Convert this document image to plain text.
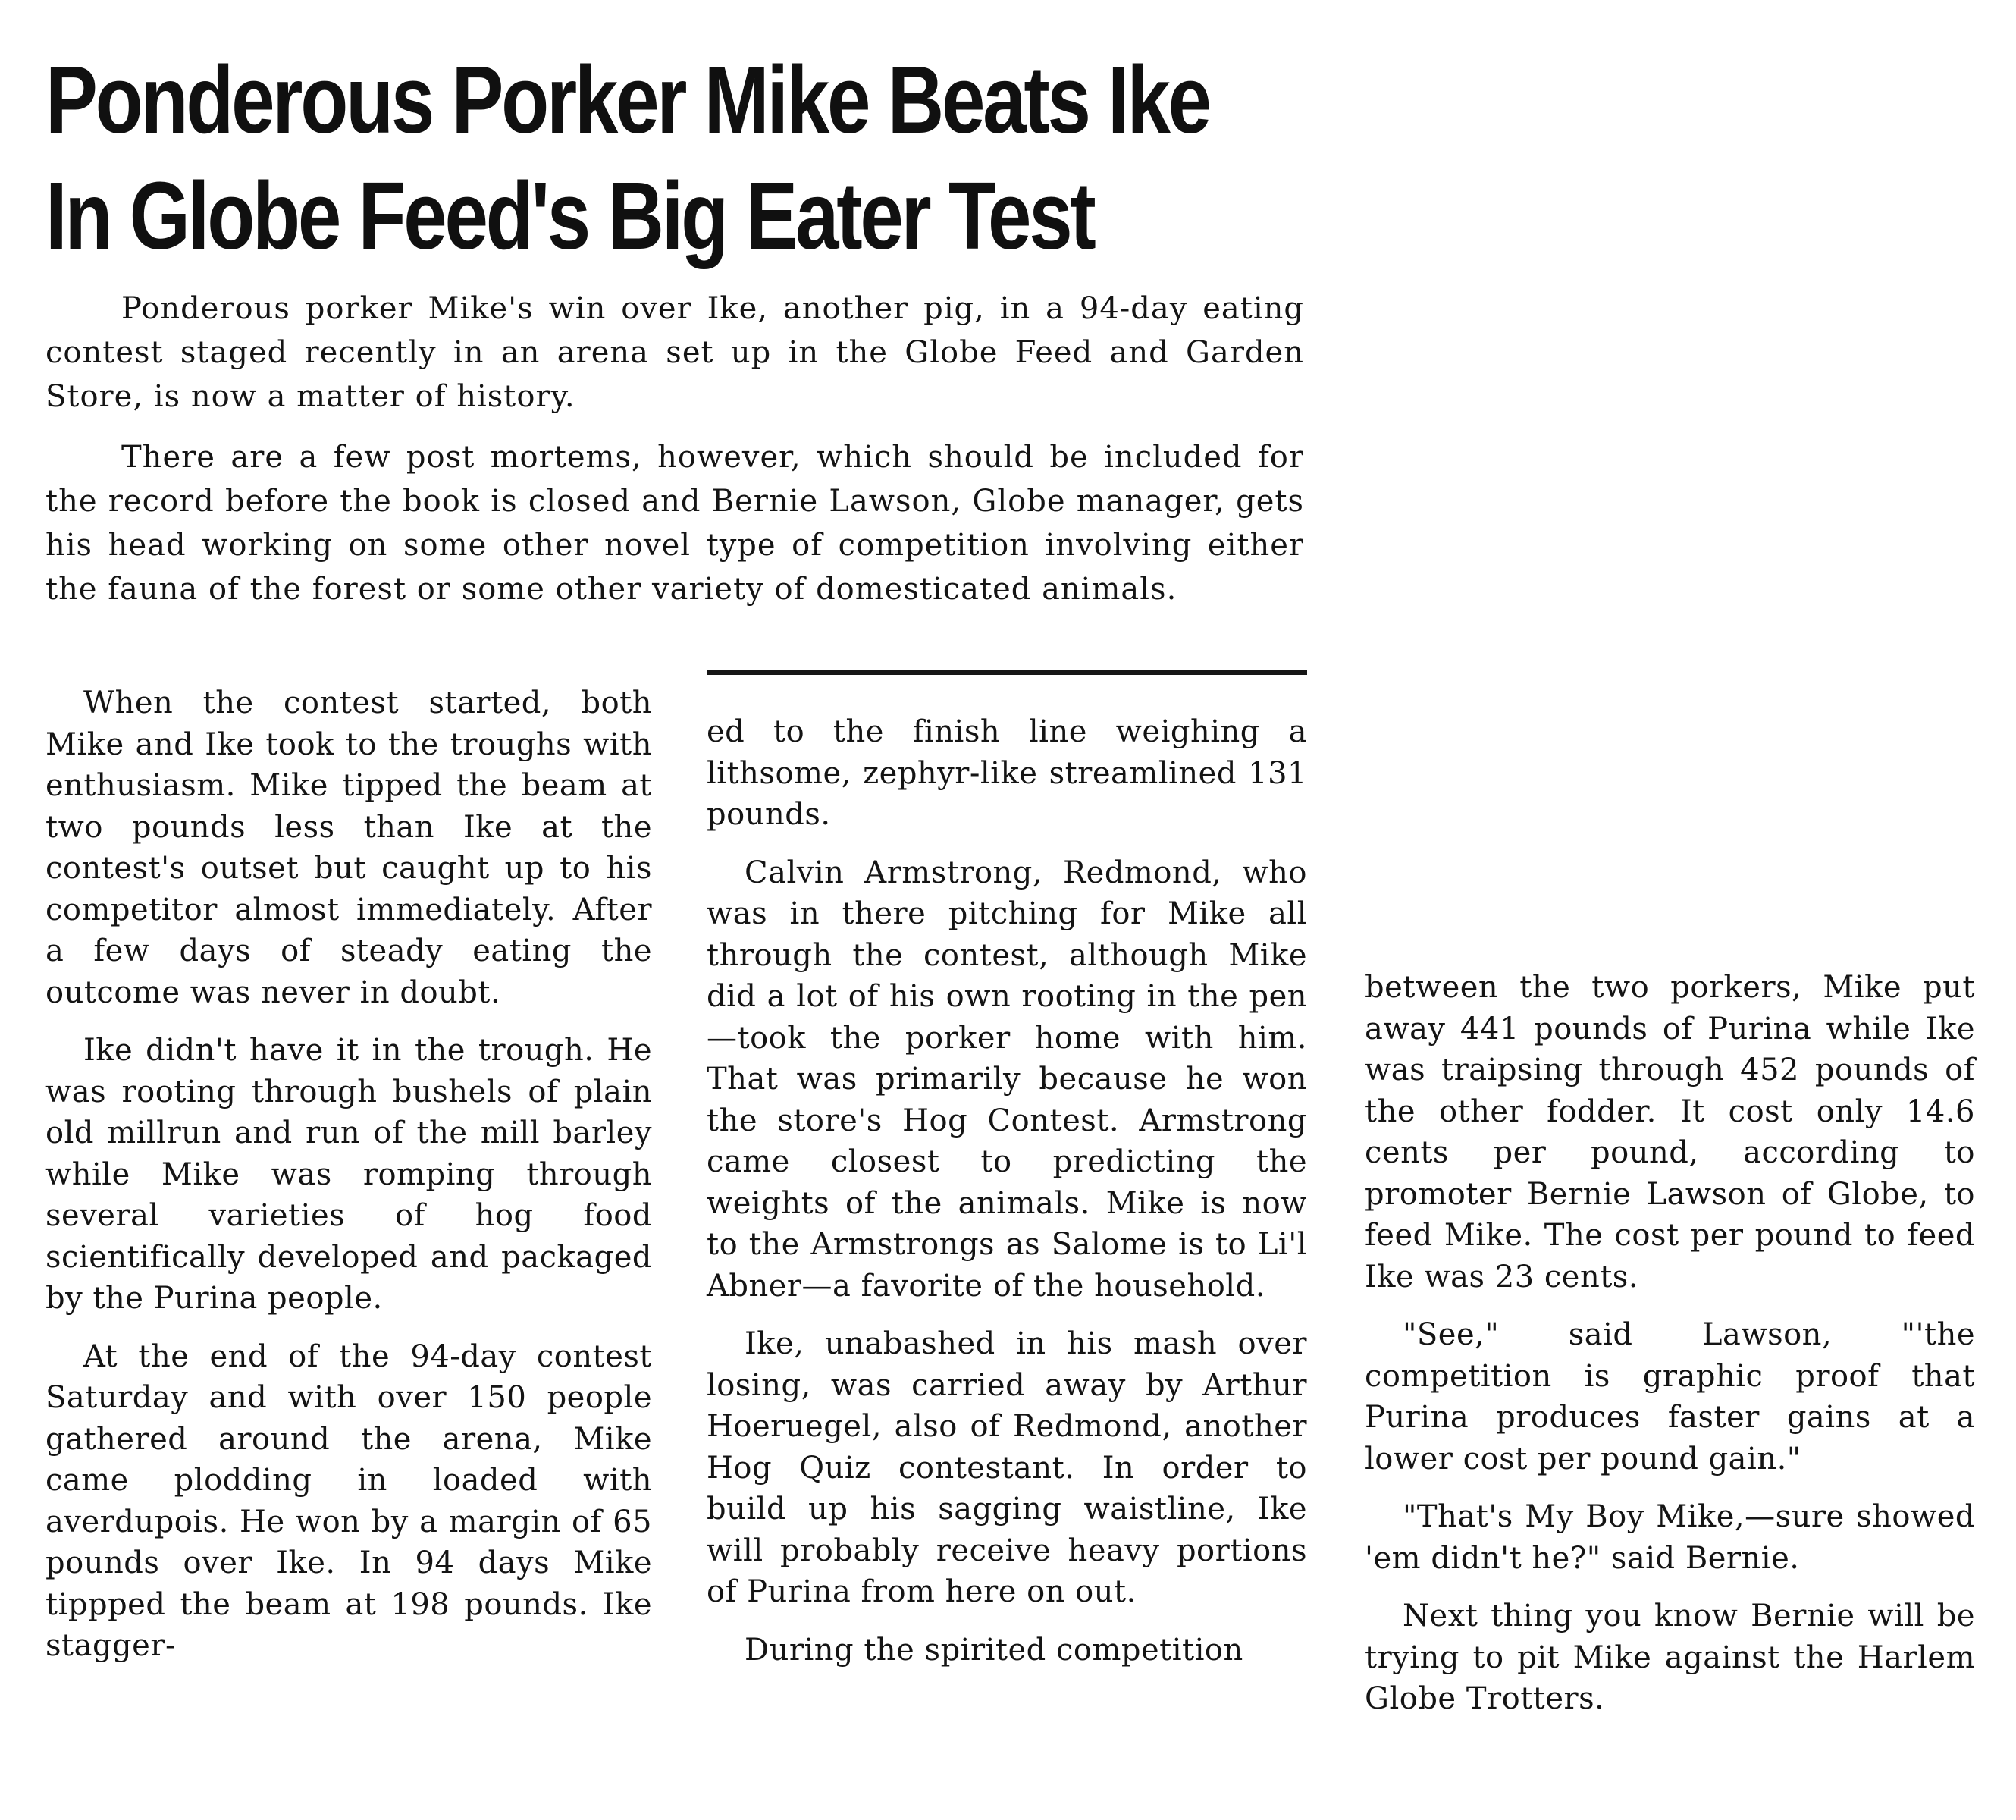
Ponderous Porker Mike Beats Ike
In Globe Feed's Big Eater Test

Ponderous porker Mike's win over Ike, another pig, in a 94-day eating contest staged recently in an arena set up in the Globe Feed and Garden Store, is now a matter of history.

There are a few post mortems, however, which should be included for the record before the book is closed and Bernie Lawson, Globe manager, gets his head working on some other novel type of competition involving either the fauna of the forest or some other variety of domesticated animals.

When the contest started, both Mike and Ike took to the troughs with enthusiasm. Mike tipped the beam at two pounds less than Ike at the contest's outset but caught up to his competitor almost immediately. After a few days of steady eating the outcome was never in doubt.

Ike didn't have it in the trough. He was rooting through bushels of plain old millrun and run of the mill barley while Mike was romping through several varieties of hog food scientifically developed and packaged by the Purina people.

At the end of the 94-day contest Saturday and with over 150 people gathered around the arena, Mike came plodding in loaded with averdupois. He won by a margin of 65 pounds over Ike. In 94 days Mike tippped the beam at 198 pounds. Ike stagger-

ed to the finish line weighing a lithsome, zephyr-like streamlined 131 pounds.

Calvin Armstrong, Redmond, who was in there pitching for Mike all through the contest, although Mike did a lot of his own rooting in the pen—took the porker home with him. That was primarily because he won the store's Hog Contest. Armstrong came closest to predicting the weights of the animals. Mike is now to the Armstrongs as Salome is to Li'l Abner—a favorite of the household.

Ike, unabashed in his mash over losing, was carried away by Arthur Hoeruegel, also of Redmond, another Hog Quiz contestant. In order to build up his sagging waistline, Ike will probably receive heavy portions of Purina from here on out.

During the spirited competition

between the two porkers, Mike put away 441 pounds of Purina while Ike was traipsing through 452 pounds of the other fodder. It cost only 14.6 cents per pound, according to promoter Bernie Lawson of Globe, to feed Mike. The cost per pound to feed Ike was 23 cents.

"See," said Lawson, "'the competition is graphic proof that Purina produces faster gains at a lower cost per pound gain."

"That's My Boy Mike,—sure showed 'em didn't he?" said Bernie.

Next thing you know Bernie will be trying to pit Mike against the Harlem Globe Trotters.
